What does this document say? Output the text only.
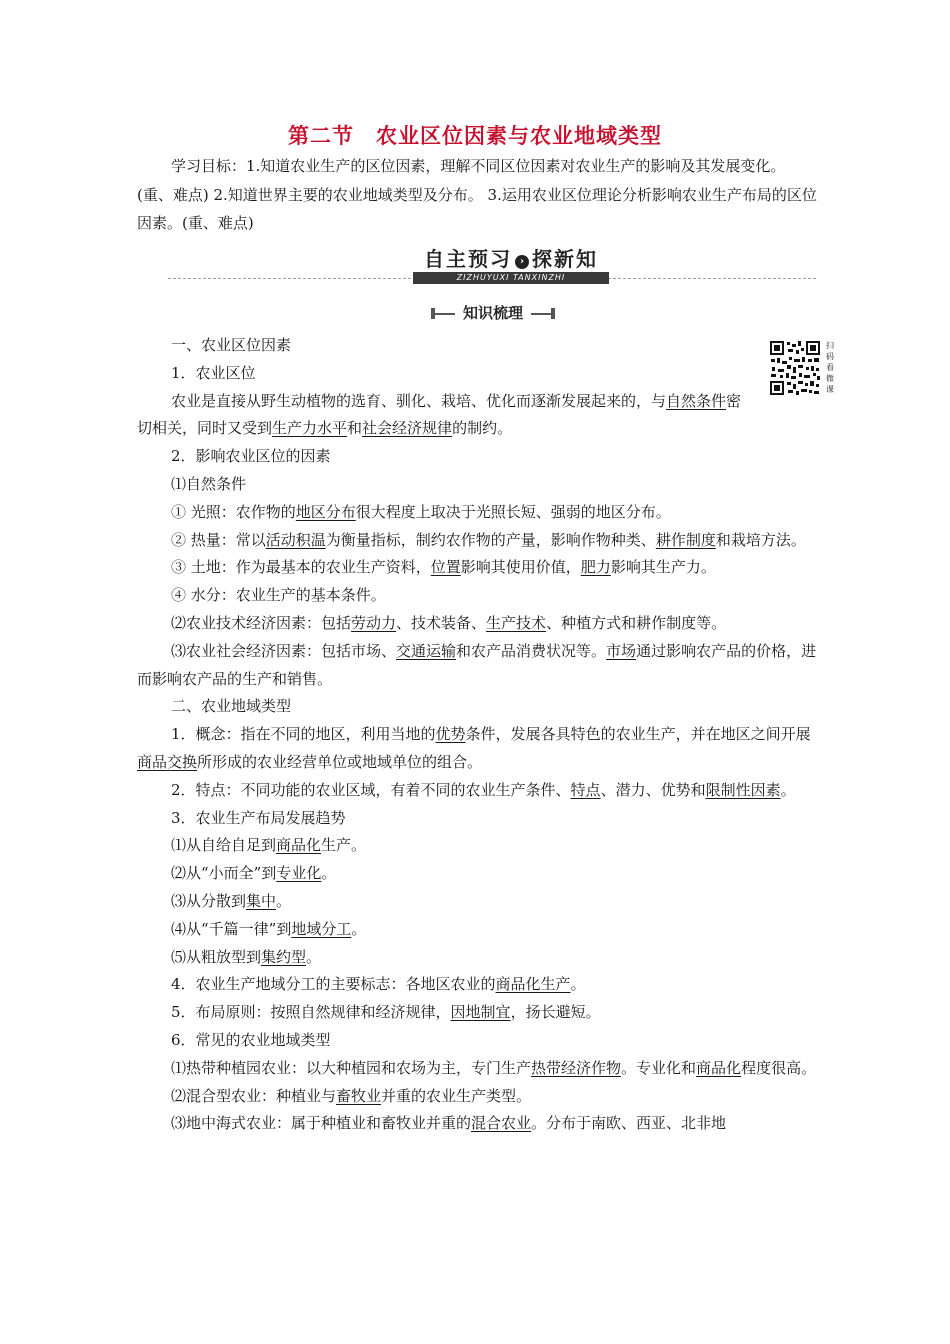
第二节　农业区位因素与农业地域类型

学习目标：1.知道农业生产的区位因素，理解不同区位因素对农业生产的影响及其发展变化。(重、难点) 2.知道世界主要的农业地域类型及分布。 3.运用农业区位理论分析影响农业生产布局的区位因素。(重、难点)

自主预习 › 探新知
ZIZHUYUXI TANXINZHI
知识梳理
扫码看微课

一、农业区位因素

1．农业区位

农业是直接从野生动植物的选育、驯化、栽培、优化而逐渐发展起来的，与自然条件密切相关，同时又受到生产力水平和社会经济规律的制约。

2．影响农业区位的因素

⑴自然条件

① 光照：农作物的地区分布很大程度上取决于光照长短、强弱的地区分布。

② 热量：常以活动积温为衡量指标，制约农作物的产量，影响作物种类、耕作制度和栽培方法。

③ 土地：作为最基本的农业生产资料，位置影响其使用价值，肥力影响其生产力。

④ 水分：农业生产的基本条件。

⑵农业技术经济因素：包括劳动力、技术装备、生产技术、种植方式和耕作制度等。

⑶农业社会经济因素：包括市场、交通运输和农产品消费状况等。市场通过影响农产品的价格，进而影响农产品的生产和销售。

二、农业地域类型

1．概念：指在不同的地区，利用当地的优势条件，发展各具特色的农业生产，并在地区之间开展商品交换所形成的农业经营单位或地域单位的组合。

2．特点：不同功能的农业区域，有着不同的农业生产条件、特点、潜力、优势和限制性因素。

3．农业生产布局发展趋势

⑴从自给自足到商品化生产。

⑵从“小而全”到专业化。

⑶从分散到集中。

⑷从“千篇一律”到地域分工。

⑸从粗放型到集约型。

4．农业生产地域分工的主要标志：各地区农业的商品化生产。

5．布局原则：按照自然规律和经济规律，因地制宜，扬长避短。

6．常见的农业地域类型

⑴热带种植园农业：以大种植园和农场为主，专门生产热带经济作物。专业化和商品化程度很高。

⑵混合型农业：种植业与畜牧业并重的农业生产类型。

⑶地中海式农业：属于种植业和畜牧业并重的混合农业。分布于南欧、西亚、北非地
